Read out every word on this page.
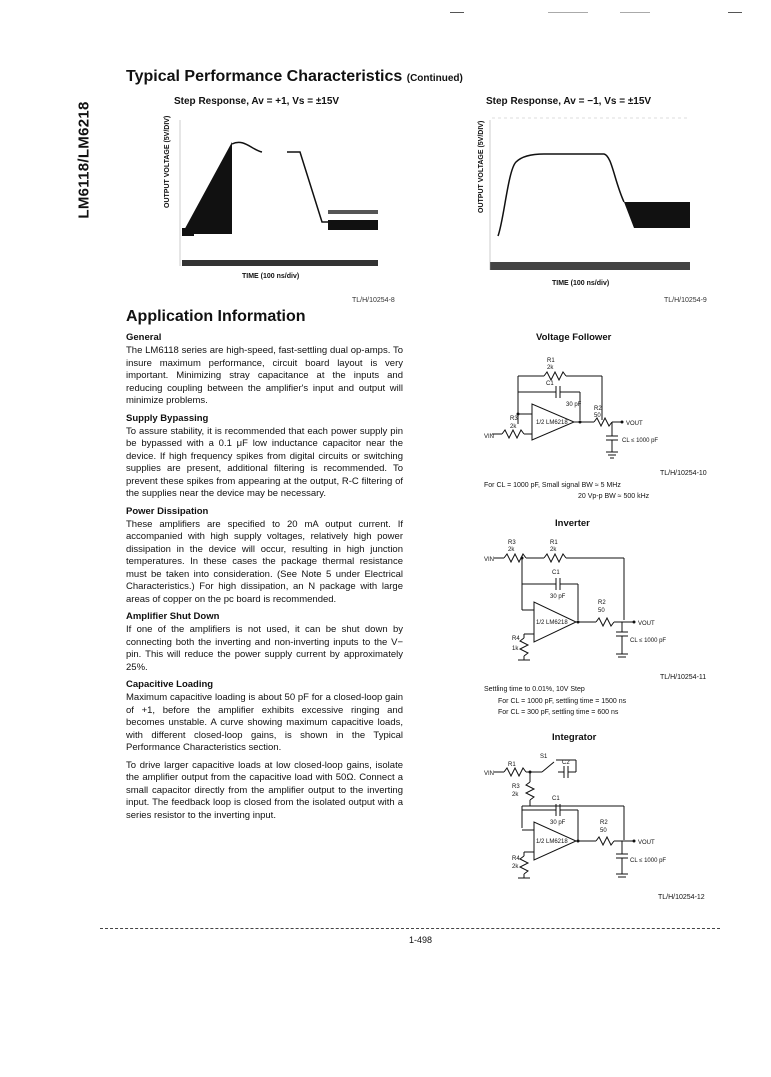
LM6118/LM6218
Typical Performance Characteristics (Continued)
Step Response, Av = +1, Vs = ±15V
OUTPUT VOLTAGE (5V/DIV)
TIME (100 ns/div)
TL/H/10254-8
Step Response, Av = −1, Vs = ±15V
OUTPUT VOLTAGE (5V/DIV)
TIME (100 ns/div)
TL/H/10254-9
Application Information
General

The LM6118 series are high-speed, fast-settling dual op-amps. To insure maximum performance, circuit board layout is very important. Minimizing stray capacitance at the inputs and reducing coupling between the amplifier's input and output will minimize problems.

Supply Bypassing

To assure stability, it is recommended that each power supply pin be bypassed with a 0.1 μF low inductance capacitor near the device. If high frequency spikes from digital circuits or switching supplies are present, additional filtering is recommended. To prevent these spikes from appearing at the output, R-C filtering of the supplies near the device may be necessary.

Power Dissipation

These amplifiers are specified to 20 mA output current. If accompanied with high supply voltages, relatively high power dissipation in the device will occur, resulting in high junction temperatures. In these cases the package thermal resistance must be taken into consideration. (See Note 5 under Electrical Characteristics.) For high dissipation, an N package with large areas of copper on the pc board is recommended.

Amplifier Shut Down

If one of the amplifiers is not used, it can be shut down by connecting both the inverting and non-inverting inputs to the V− pin. This will reduce the power supply current by approximately 25%.

Capacitive Loading

Maximum capacitive loading is about 50 pF for a closed-loop gain of +1, before the amplifier exhibits excessive ringing and becomes unstable. A curve showing maximum capacitive loads, with different closed-loop gains, is shown in the Typical Performance Characteristics section.

To drive larger capacitive loads at low closed-loop gains, isolate the amplifier output from the capacitive load with 50Ω. Connect a small capacitor directly from the amplifier output to the inverting input. The feedback loop is closed from the isolated output with a series resistor to the inverting input.

Voltage Follower
R1
2k
C1
30 pF
R3
2k
R2
50
VIN
VOUT
CL ≤ 1000 pF
1/2 LM6218
TL/H/10254-10
For CL = 1000 pF, Small signal BW ≈ 5 MHz
20 Vp-p BW ≈ 500 kHz
Inverter
R3
2k
R1
2k
C1
30 pF
R2
50
R4
1k
VIN
VOUT
CL ≤ 1000 pF
1/2 LM6218
TL/H/10254-11
Settling time to 0.01%, 10V Step
For CL = 1000 pF, settling time = 1500 ns
For CL = 300 pF, settling time = 600 ns
Integrator
S1
C2
R1
R3
2k
C1
30 pF	R2
50
R4
2k
VIN
VOUT
CL ≤ 1000 pF
1/2 LM6218
TL/H/10254-12
1-498
